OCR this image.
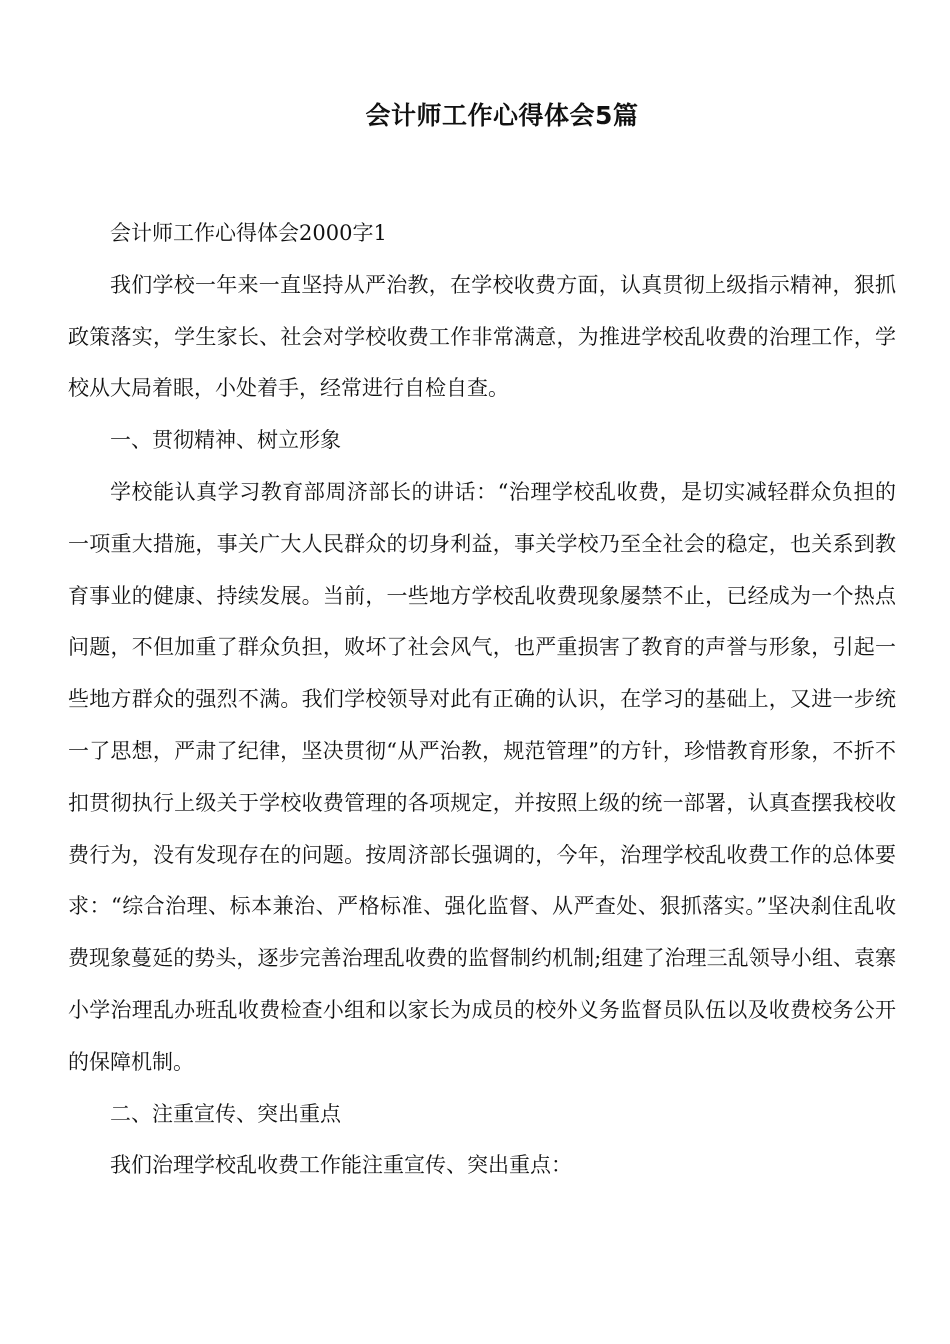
会计师工作心得体会5篇

会计师工作心得体会2000字1

我们学校一年来一直坚持从严治教，在学校收费方面，认真贯彻上级指示精神，狠抓政策落实，学生家长、社会对学校收费工作非常满意，为推进学校乱收费的治理工作，学校从大局着眼，小处着手，经常进行自检自查。

一、贯彻精神、树立形象

学校能认真学习教育部周济部长的讲话：“治理学校乱收费，是切实减轻群众负担的一项重大措施，事关广大人民群众的切身利益，事关学校乃至全社会的稳定，也关系到教育事业的健康、持续发展。当前，一些地方学校乱收费现象屡禁不止，已经成为一个热点问题，不但加重了群众负担，败坏了社会风气，也严重损害了教育的声誉与形象，引起一些地方群众的强烈不满。我们学校领导对此有正确的认识，在学习的基础上，又进一步统一了思想，严肃了纪律，坚决贯彻“从严治教，规范管理”的方针，珍惜教育形象，不折不扣贯彻执行上级关于学校收费管理的各项规定，并按照上级的统一部署，认真查摆我校收费行为，没有发现存在的问题。按周济部长强调的，今年，治理学校乱收费工作的总体要求：“综合治理、标本兼治、严格标准、强化监督、从严查处、狠抓落实。”坚决刹住乱收费现象蔓延的势头，逐步完善治理乱收费的监督制约机制;组建了治理三乱领导小组、袁寨小学治理乱办班乱收费检查小组和以家长为成员的校外义务监督员队伍以及收费校务公开的保障机制。

二、注重宣传、突出重点

我们治理学校乱收费工作能注重宣传、突出重点：
